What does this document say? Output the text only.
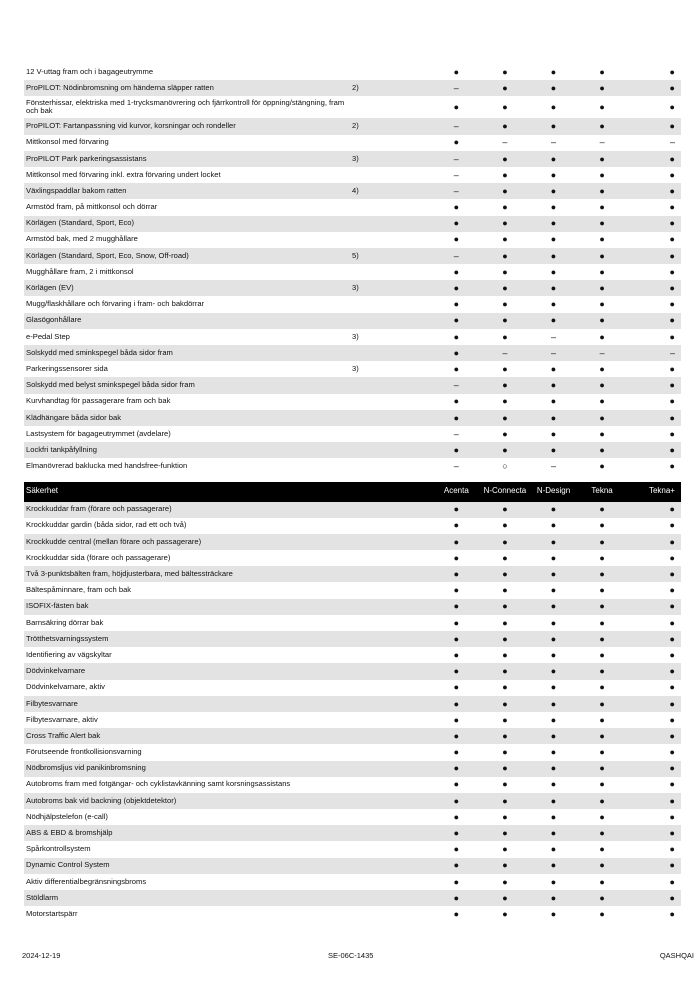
12 V-uttag fram och i bagageutrymme	●	●	●	●	●
ProPILOT: Nödinbromsning om händerna släpper ratten	2)	–	●	●	●	●
Fönsterhissar, elektriska med 1-trycksmanövrering och fjärrkontroll för öppning/stängning, fram och bak	●	●	●	●	●
ProPILOT: Fartanpassning vid kurvor, korsningar och rondeller	2)	–	●	●	●	●
Mittkonsol med förvaring	●	–	–	–	–
ProPILOT Park parkeringsassistans	3)	–	●	●	●	●
Mittkonsol med förvaring inkl. extra förvaring undert locket	–	●	●	●	●
Växlingspaddlar bakom ratten	4)	–	●	●	●	●
Armstöd fram, på mittkonsol och dörrar	●	●	●	●	●
Körlägen (Standard, Sport, Eco)	●	●	●	●	●
Armstöd bak, med 2 mugghållare	●	●	●	●	●
Körlägen (Standard, Sport, Eco, Snow, Off-road)	5)	–	●	●	●	●
Mugghållare fram, 2 i mittkonsol	●	●	●	●	●
Körlägen (EV)	3)	●	●	●	●	●
Mugg/flaskhållare och förvaring i fram- och bakdörrar	●	●	●	●	●
Glasögonhållare	●	●	●	●	●
e-Pedal Step	3)	●	●	–	●	●
Solskydd med sminkspegel båda sidor fram	●	–	–	–	–
Parkeringssensorer sida	3)	●	●	●	●	●
Solskydd med belyst sminkspegel båda sidor fram	–	●	●	●	●
Kurvhandtag för passagerare fram och bak	●	●	●	●	●
Klädhängare båda sidor bak	●	●	●	●	●
Lastsystem för bagageutrymmet (avdelare)	–	●	●	●	●
Lockfri tankpåfyllning	●	●	●	●	●
Elmanövrerad baklucka med handsfree-funktion	–	○	–	●	●
Säkerhet	Acenta	N-Connecta	N-Design	Tekna	Tekna+
Krockkuddar fram (förare och passagerare)	●	●	●	●	●
Krockkuddar gardin (båda sidor, rad ett och två)	●	●	●	●	●
Krockkudde central (mellan förare och passagerare)	●	●	●	●	●
Krockkuddar sida (förare och passagerare)	●	●	●	●	●
Två 3-punktsbälten fram, höjdjusterbara, med bältessträckare	●	●	●	●	●
Bältespåminnare, fram och bak	●	●	●	●	●
ISOFIX-fästen bak	●	●	●	●	●
Barnsäkring dörrar bak	●	●	●	●	●
Trötthetsvarningssystem	●	●	●	●	●
Identifiering av vägskyltar	●	●	●	●	●
Dödvinkelvarnare	●	●	●	●	●
Dödvinkelvarnare, aktiv	●	●	●	●	●
Filbytesvarnare	●	●	●	●	●
Filbytesvarnare, aktiv	●	●	●	●	●
Cross Traffic Alert bak	●	●	●	●	●
Förutseende frontkollisionsvarning	●	●	●	●	●
Nödbromsljus vid panikinbromsning	●	●	●	●	●
Autobroms fram med fotgängar- och cyklistavkänning samt korsningsassistans	●	●	●	●	●
Autobroms bak vid backning (objektdetektor)	●	●	●	●	●
Nödhjälpstelefon (e-call)	●	●	●	●	●
ABS & EBD & bromshjälp	●	●	●	●	●
Spårkontrollsystem	●	●	●	●	●
Dynamic Control System	●	●	●	●	●
Aktiv differentialbegränsningsbroms	●	●	●	●	●
Stöldlarm	●	●	●	●	●
Motorstartspärr	●	●	●	●	●
2024-12-19	SE-06C-1435	QASHQAI
